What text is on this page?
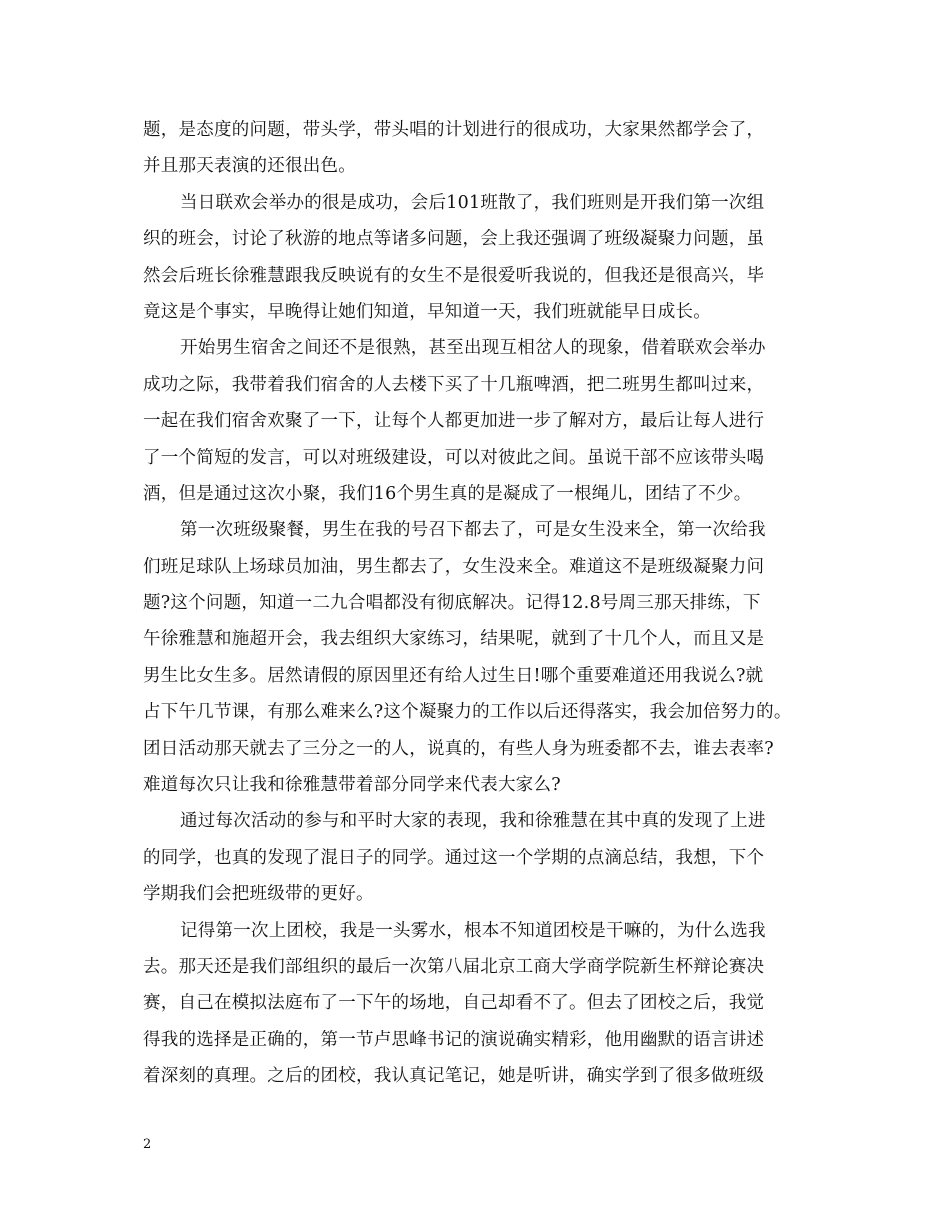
题，是态度的问题，带头学，带头唱的计划进行的很成功，大家果然都学会了，
并且那天表演的还很出色。
当日联欢会举办的很是成功，会后101班散了，我们班则是开我们第一次组
织的班会，讨论了秋游的地点等诸多问题，会上我还强调了班级凝聚力问题，虽
然会后班长徐雅慧跟我反映说有的女生不是很爱听我说的，但我还是很高兴，毕
竟这是个事实，早晚得让她们知道，早知道一天，我们班就能早日成长。
开始男生宿舍之间还不是很熟，甚至出现互相岔人的现象，借着联欢会举办
成功之际，我带着我们宿舍的人去楼下买了十几瓶啤酒，把二班男生都叫过来，
一起在我们宿舍欢聚了一下，让每个人都更加进一步了解对方，最后让每人进行
了一个简短的发言，可以对班级建设，可以对彼此之间。虽说干部不应该带头喝
酒，但是通过这次小聚，我们16个男生真的是凝成了一根绳儿，团结了不少。
第一次班级聚餐，男生在我的号召下都去了，可是女生没来全，第一次给我
们班足球队上场球员加油，男生都去了，女生没来全。难道这不是班级凝聚力问
题?这个问题，知道一二九合唱都没有彻底解决。记得12.8号周三那天排练，下
午徐雅慧和施超开会，我去组织大家练习，结果呢，就到了十几个人，而且又是
男生比女生多。居然请假的原因里还有给人过生日!哪个重要难道还用我说么?就
占下午几节课，有那么难来么?这个凝聚力的工作以后还得落实，我会加倍努力的。
团日活动那天就去了三分之一的人，说真的，有些人身为班委都不去，谁去表率?
难道每次只让我和徐雅慧带着部分同学来代表大家么?
通过每次活动的参与和平时大家的表现，我和徐雅慧在其中真的发现了上进
的同学，也真的发现了混日子的同学。通过这一个学期的点滴总结，我想，下个
学期我们会把班级带的更好。
记得第一次上团校，我是一头雾水，根本不知道团校是干嘛的，为什么选我
去。那天还是我们部组织的最后一次第八届北京工商大学商学院新生杯辩论赛决
赛，自己在模拟法庭布了一下午的场地，自己却看不了。但去了团校之后，我觉
得我的选择是正确的，第一节卢思峰书记的演说确实精彩，他用幽默的语言讲述
着深刻的真理。之后的团校，我认真记笔记，她是听讲，确实学到了很多做班级
2
